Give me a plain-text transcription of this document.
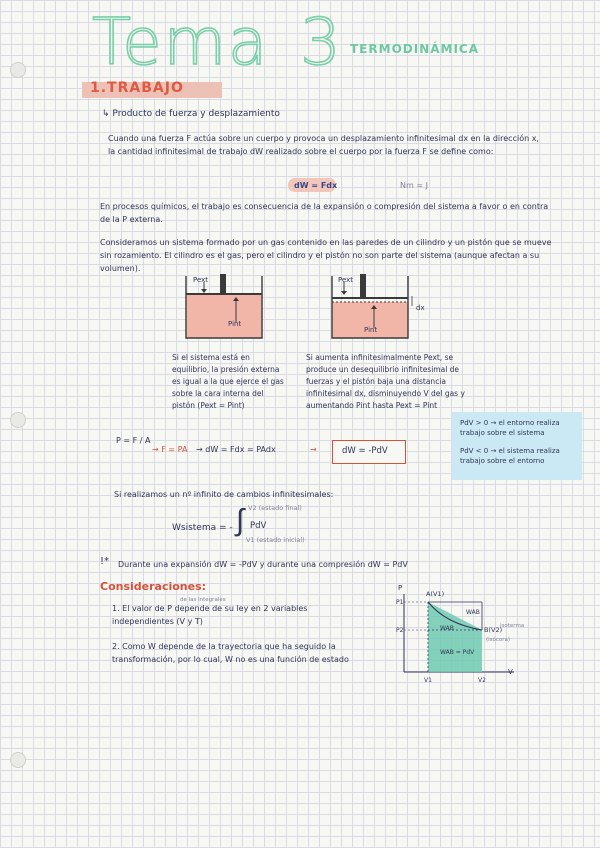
Tema 3 TERMODINÁMICA
1.TRABAJO
↳ Producto de fuerza y desplazamiento
Cuando una fuerza F actúa sobre un cuerpo y provoca un desplazamiento infinitesimal dx en la dirección x, la cantidad infinitesimal de trabajo dW realizado sobre el cuerpo por la fuerza F se define como:
dW = Fdx	Nm = J
En procesos químicos, el trabajo es consecuencia de la expansión o compresión del sistema a favor o en contra de la P externa.
Consideramos un sistema formado por un gas contenido en las paredes de un cilindro y un pistón que se mueve sin rozamiento. El cilindro es el gas, pero el cilindro y el pistón no son parte del sistema (aunque afectan a su volumen).
Pext
Pint
Pext
Pint
dx
Si el sistema está en equilibrio, la presión externa es igual a la que ejerce el gas sobre la cara interna del pistón (Pext = Pint)
Si aumenta infinitesimalmente Pext, se produce un desequilibrio infinitesimal de fuerzas y el pistón baja una distancia infinitesimal dx, disminuyendo V del gas y aumentando Pint hasta Pext = Pint
P = F / A
→ F = PA → dW = Fdx = PAdx	→	dW = -PdV
PdV > 0 → el entorno realiza trabajo sobre el sistema
PdV < 0 → el sistema realiza trabajo sobre el entorno
Si realizamos un nº infinito de cambios infinitesimales:
Wsistema = - ∫ V2 (estado final)
V1 (estado inicial)
PdV
!* Durante una expansión dW = -PdV y durante una compresión dW = PdV
Consideraciones:
de las integrales
1. El valor de P depende de su ley en 2 variables independientes (V y T)
2. Como W depende de la trayectoria que ha seguido la transformación, por lo cual, W no es una función de estado
P
V
P1
P2
V1	V2
A(V1)
B(V2)
WAB
WAB
WAB = PdV
isoterma
(isócora)
